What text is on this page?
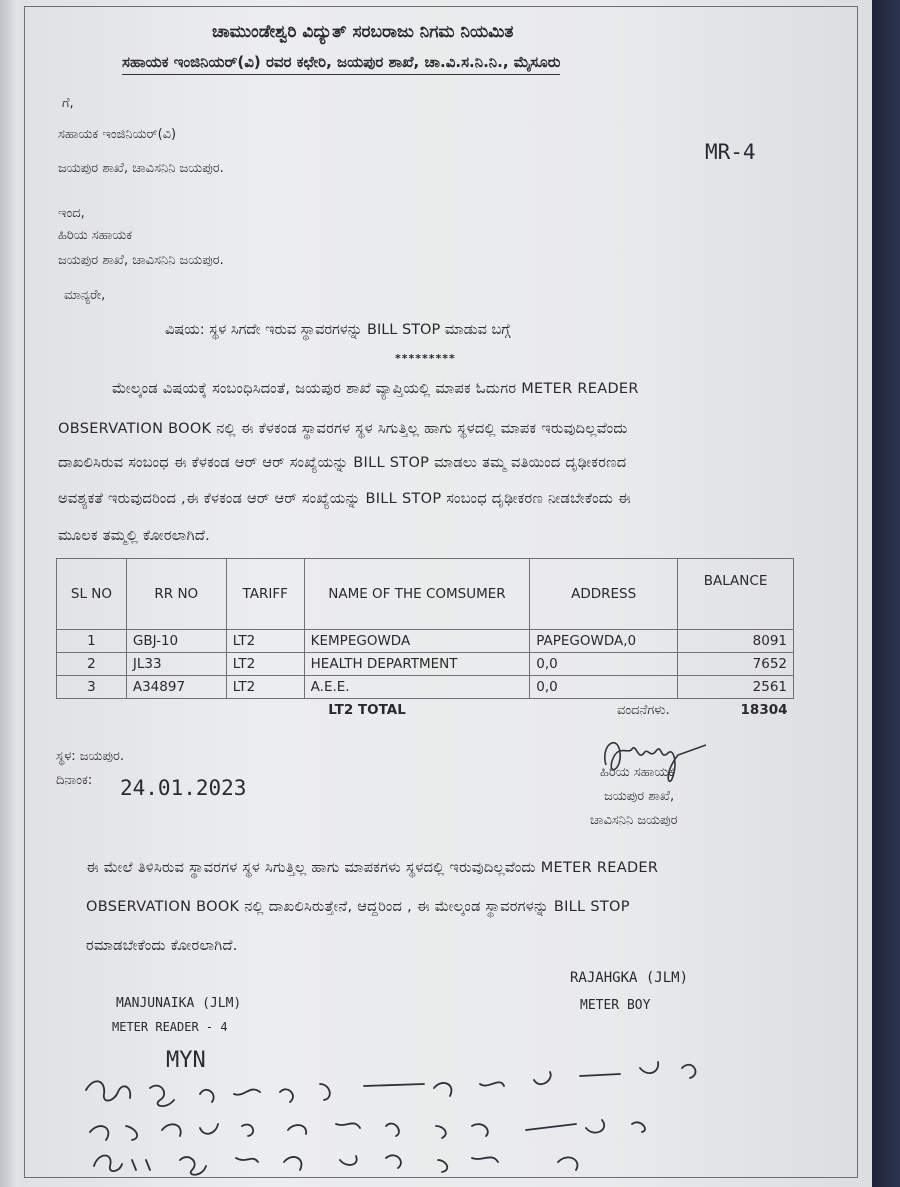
ಚಾಮುಂಡೇಶ್ವರಿ ವಿದ್ಯುತ್ ಸರಬರಾಜು ನಿಗಮ ನಿಯಮಿತ
ಸಹಾಯಕ ಇಂಜಿನಿಯರ್(ವಿ) ರವರ ಕಛೇರಿ, ಜಯಪುರ ಶಾಖೆ, ಚಾ.ವಿ.ಸ.ನಿ.ನಿ., ಮೈಸೂರು
ಗೆ,
ಸಹಾಯಕ ಇಂಜಿನಿಯರ್(ವಿ)
ಜಯಪುರ ಶಾಖೆ, ಚಾವಿಸನಿನಿ ಜಯಪುರ.
MR-4
ಇಂದ,
ಹಿರಿಯ ಸಹಾಯಕ
ಜಯಪುರ ಶಾಖೆ, ಚಾವಿಸನಿನಿ ಜಯಪುರ.
ಮಾನ್ಯರೇ,
ವಿಷಯ: ಸ್ಥಳ ಸಿಗದೇ ಇರುವ ಸ್ಥಾವರಗಳನ್ನು BILL STOP ಮಾಡುವ ಬಗ್ಗೆ
*********
ಮೇಲ್ಕಂಡ ವಿಷಯಕ್ಕೆ ಸಂಬಂಧಿಸಿದಂತೆ, ಜಯಪುರ ಶಾಖೆ ವ್ಯಾಪ್ತಿಯಲ್ಲಿ ಮಾಪಕ ಓದುಗರ METER READER
OBSERVATION BOOK ನಲ್ಲಿ ಈ ಕೆಳಕಂಡ ಸ್ಥಾವರಗಳ ಸ್ಥಳ ಸಿಗುತ್ತಿಲ್ಲ ಹಾಗು ಸ್ಥಳದಲ್ಲಿ ಮಾಪಕ ಇರುವುದಿಲ್ಲವೆಂದು
ದಾಖಲಿಸಿರುವ ಸಂಬಂಧ ಈ ಕೆಳಕಂಡ ಆರ್ ಆರ್ ಸಂಖ್ಯೆಯನ್ನು BILL STOP ಮಾಡಲು ತಮ್ಮ ವತಿಯಿಂದ ದೃಢೀಕರಣದ
ಅವಶ್ಯಕತೆ ಇರುವುದರಿಂದ ,ಈ ಕೆಳಕಂಡ ಆರ್ ಆರ್ ಸಂಖ್ಯೆಯನ್ನು BILL STOP ಸಂಬಂಧ ದೃಢೀಕರಣ ನೀಡಬೇಕೆಂದು ಈ
ಮೂಲಕ ತಮ್ಮಲ್ಲಿ ಕೋರಲಾಗಿದೆ.
SL NO	RR NO	TARIFF	NAME OF THE COMSUMER	ADDRESS	BALANCE
1	GBJ-10	LT2	KEMPEGOWDA	PAPEGOWDA,0	8091
2	JL33	LT2	HEALTH DEPARTMENT	0,0	7652
3	A34897	LT2	A.E.E.	0,0	2561
LT2 TOTAL					18304
ವಂದನೆಗಳು.
ಸ್ಥಳ: ಜಯಪುರ.
ದಿನಾಂಕ: 24.01.2023
ಹಿರಿಯ ಸಹಾಯಕ
ಜಯಪುರ ಶಾಖೆ,
ಚಾವಿಸನಿನಿ ಜಯಪುರ
ಈ ಮೇಲೆ ತಿಳಿಸಿರುವ ಸ್ಥಾವರಗಳ ಸ್ಥಳ ಸಿಗುತ್ತಿಲ್ಲ ಹಾಗು ಮಾಪಕಗಳು ಸ್ಥಳದಲ್ಲಿ ಇರುವುದಿಲ್ಲವೆಂದು METER READER
OBSERVATION BOOK ನಲ್ಲಿ ದಾಖಲಿಸಿರುತ್ತೇನೆ, ಆದ್ದರಿಂದ , ಈ ಮೇಲ್ಕಂಡ ಸ್ಥಾವರಗಳನ್ನು BILL STOP
ರಮಾಡಬೇಕೆಂದು ಕೋರಲಾಗಿದೆ.
RAJAHGKA (JLM)
METER BOY
MANJUNAIKA (JLM)
METER READER - 4
MYN
